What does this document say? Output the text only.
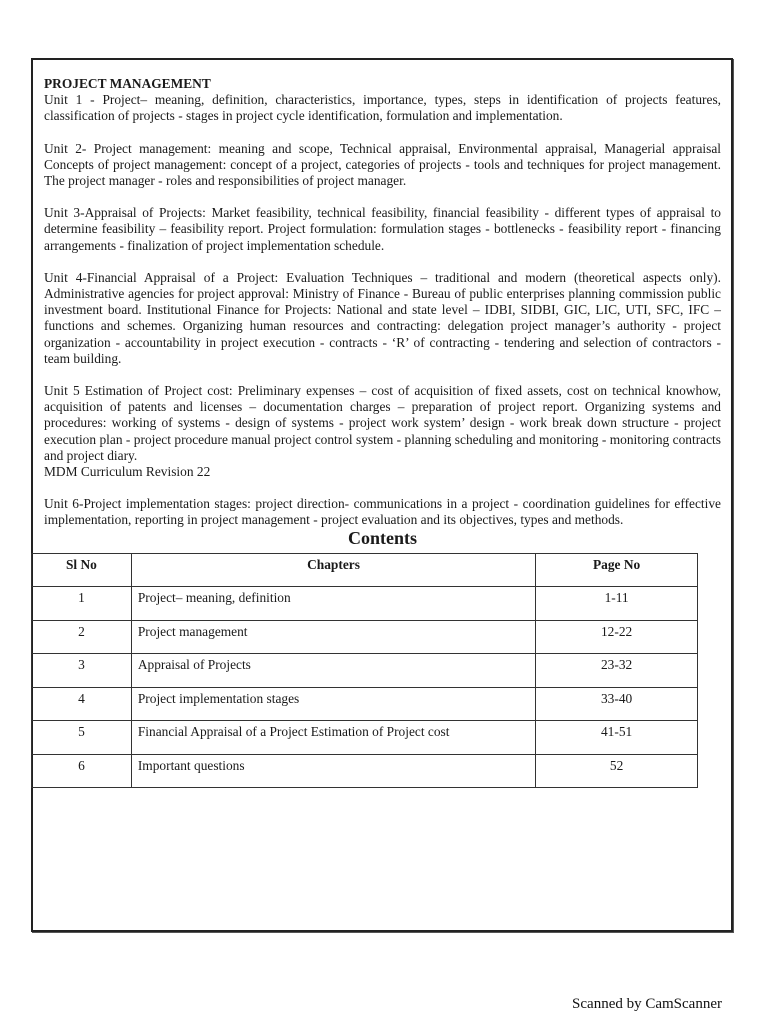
PROJECT MANAGEMENT

Unit 1 - Project– meaning, definition, characteristics, importance, types, steps in identification of projects features, classification of projects - stages in project cycle identification, formulation and implementation.

Unit 2- Project management: meaning and scope, Technical appraisal, Environmental appraisal, Managerial appraisal Concepts of project management: concept of a project, categories of projects - tools and techniques for project management. The project manager - roles and responsibilities of project manager.

Unit 3-Appraisal of Projects: Market feasibility, technical feasibility, financial feasibility - different types of appraisal to determine feasibility – feasibility report. Project formulation: formulation stages - bottlenecks - feasibility report - financing arrangements - finalization of project implementation schedule.

Unit 4-Financial Appraisal of a Project: Evaluation Techniques – traditional and modern (theoretical aspects only). Administrative agencies for project approval: Ministry of Finance - Bureau of public enterprises planning commission public investment board. Institutional Finance for Projects: National and state level – IDBI, SIDBI, GIC, LIC, UTI, SFC, IFC – functions and schemes. Organizing human resources and contracting: delegation project manager’s authority - project organization - accountability in project execution - contracts - ‘R’ of contracting - tendering and selection of contractors - team building.

Unit 5 Estimation of Project cost: Preliminary expenses – cost of acquisition of fixed assets, cost on technical knowhow, acquisition of patents and licenses – documentation charges – preparation of project report. Organizing systems and procedures: working of systems - design of systems - project work system’ design - work break down structure - project execution plan - project procedure manual project control system - planning scheduling and monitoring - monitoring contracts and project diary.

MDM Curriculum Revision 22

Unit 6-Project implementation stages: project direction- communications in a project - coordination guidelines for effective implementation, reporting in project management - project evaluation and its objectives, types and methods.

Contents
Sl No	Chapters	Page No
1	Project– meaning, definition	1-11
2	Project management	12-22
3	Appraisal of Projects	23-32
4	Project implementation stages	33-40
5	Financial Appraisal of a Project Estimation of Project cost	41-51
6	Important questions	52
Scanned by CamScanner
